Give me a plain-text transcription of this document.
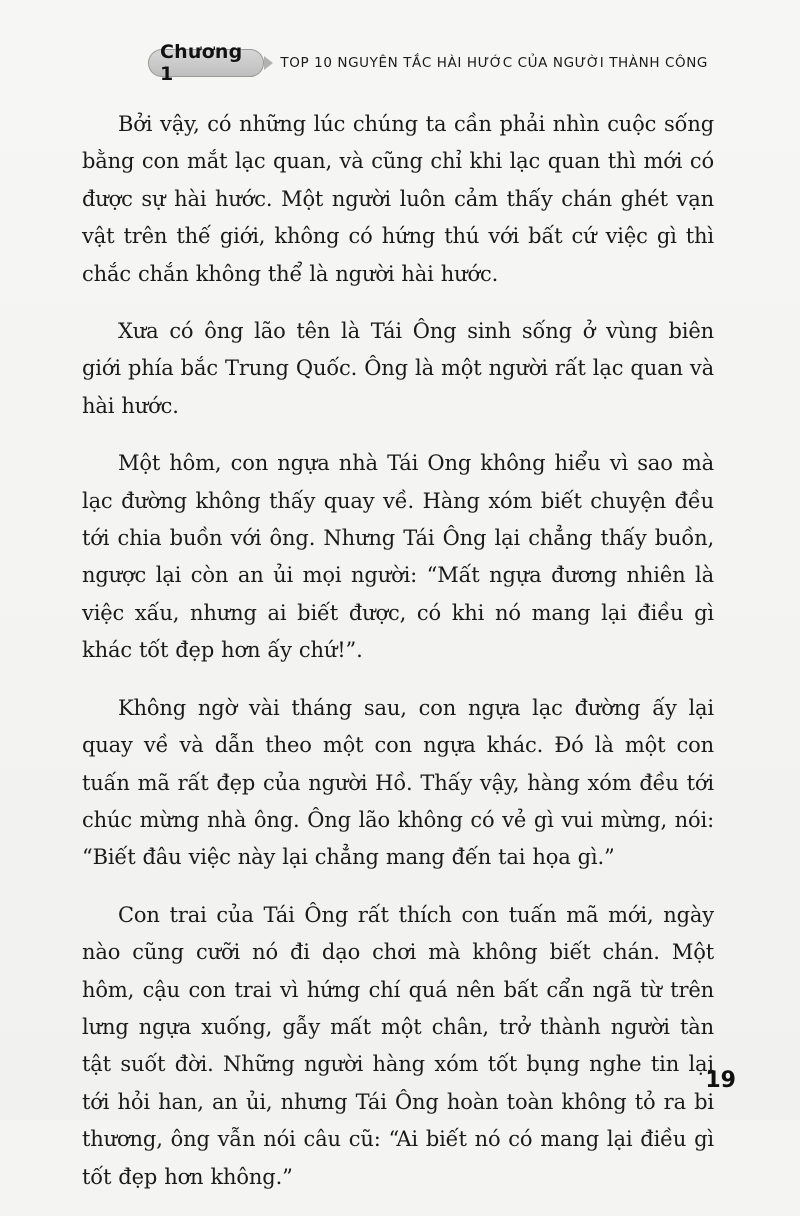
Chương 1	TOP 10 NGUYÊN TẮC HÀI HƯỚC CỦA NGƯỜI THÀNH CÔNG

Bởi vậy, có những lúc chúng ta cần phải nhìn cuộc sống bằng con mắt lạc quan, và cũng chỉ khi lạc quan thì mới có được sự hài hước. Một người luôn cảm thấy chán ghét vạn vật trên thế giới, không có hứng thú với bất cứ việc gì thì chắc chắn không thể là người hài hước.

Xưa có ông lão tên là Tái Ông sinh sống ở vùng biên giới phía bắc Trung Quốc. Ông là một người rất lạc quan và hài hước.

Một hôm, con ngựa nhà Tái Ong không hiểu vì sao mà lạc đường không thấy quay về. Hàng xóm biết chuyện đều tới chia buồn với ông. Nhưng Tái Ông lại chẳng thấy buồn, ngược lại còn an ủi mọi người: “Mất ngựa đương nhiên là việc xấu, nhưng ai biết được, có khi nó mang lại điều gì khác tốt đẹp hơn ấy chứ!”.

Không ngờ vài tháng sau, con ngựa lạc đường ấy lại quay về và dẫn theo một con ngựa khác. Đó là một con tuấn mã rất đẹp của người Hồ. Thấy vậy, hàng xóm đều tới chúc mừng nhà ông. Ông lão không có vẻ gì vui mừng, nói: “Biết đâu việc này lại chẳng mang đến tai họa gì.”

Con trai của Tái Ông rất thích con tuấn mã mới, ngày nào cũng cưỡi nó đi dạo chơi mà không biết chán. Một hôm, cậu con trai vì hứng chí quá nên bất cẩn ngã từ trên lưng ngựa xuống, gẫy mất một chân, trở thành người tàn tật suốt đời. Những người hàng xóm tốt bụng nghe tin lại tới hỏi han, an ủi, nhưng Tái Ông hoàn toàn không tỏ ra bi thương, ông vẫn nói câu cũ: “Ai biết nó có mang lại điều gì tốt đẹp hơn không.”

19
